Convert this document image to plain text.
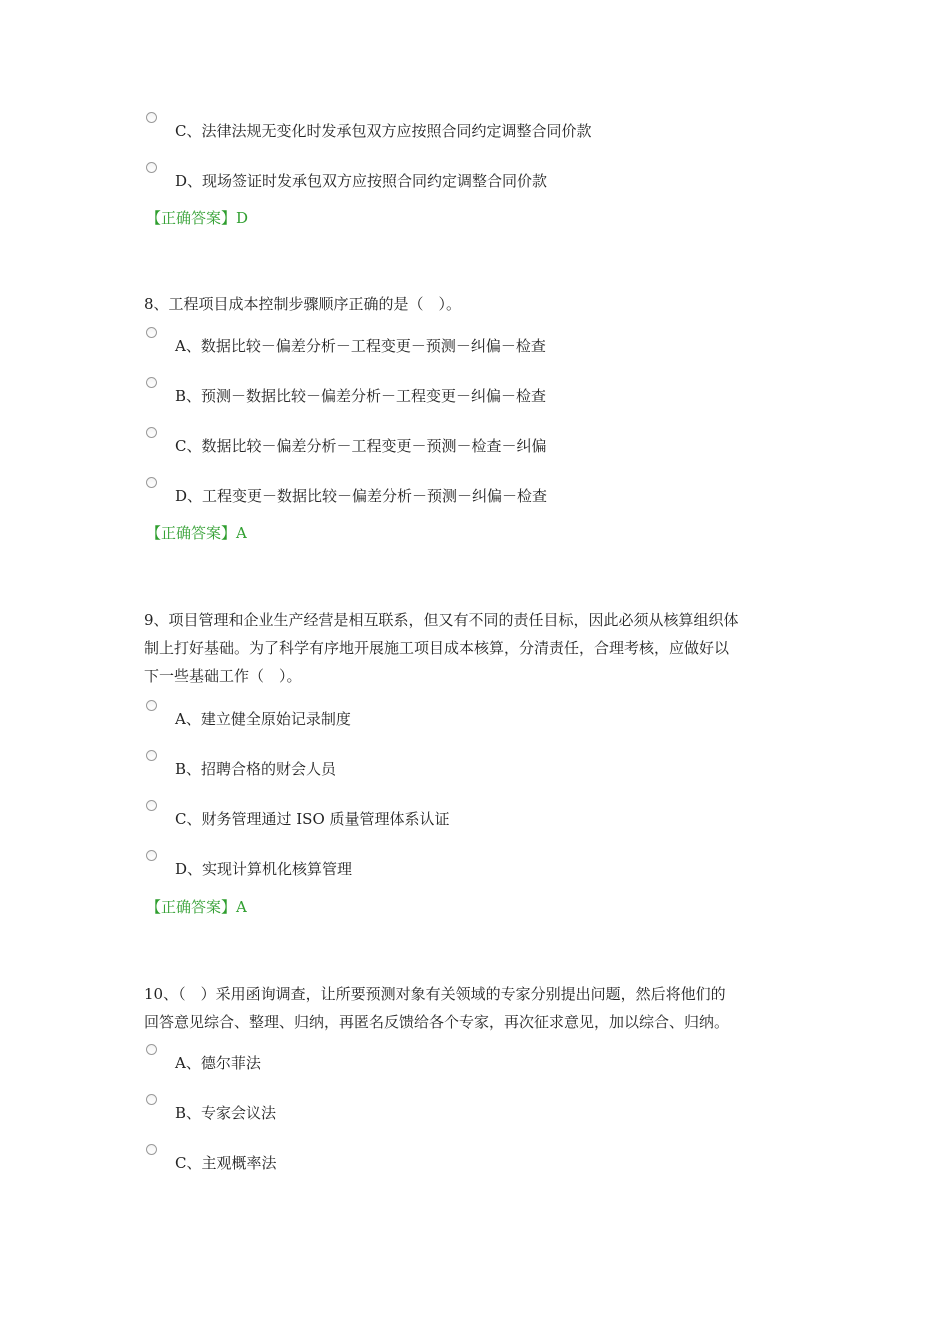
C、法律法规无变化时发承包双方应按照合同约定调整合同价款
D、现场签证时发承包双方应按照合同约定调整合同价款
【正确答案】D
8、工程项目成本控制步骤顺序正确的是（　）。
A、数据比较－偏差分析－工程变更－预测－纠偏－检查
B、预测－数据比较－偏差分析－工程变更－纠偏－检查
C、数据比较－偏差分析－工程变更－预测－检查－纠偏
D、工程变更－数据比较－偏差分析－预测－纠偏－检查
【正确答案】A
9、项目管理和企业生产经营是相互联系，但又有不同的责任目标，因此必须从核算组织体
制上打好基础。为了科学有序地开展施工项目成本核算，分清责任，合理考核，应做好以
下一些基础工作（　）。
A、建立健全原始记录制度
B、招聘合格的财会人员
C、财务管理通过 ISO 质量管理体系认证
D、实现计算机化核算管理
【正确答案】A
10、（　）采用函询调查，让所要预测对象有关领域的专家分别提出问题，然后将他们的
回答意见综合、整理、归纳，再匿名反馈给各个专家，再次征求意见，加以综合、归纳。
A、德尔菲法
B、专家会议法
C、主观概率法
